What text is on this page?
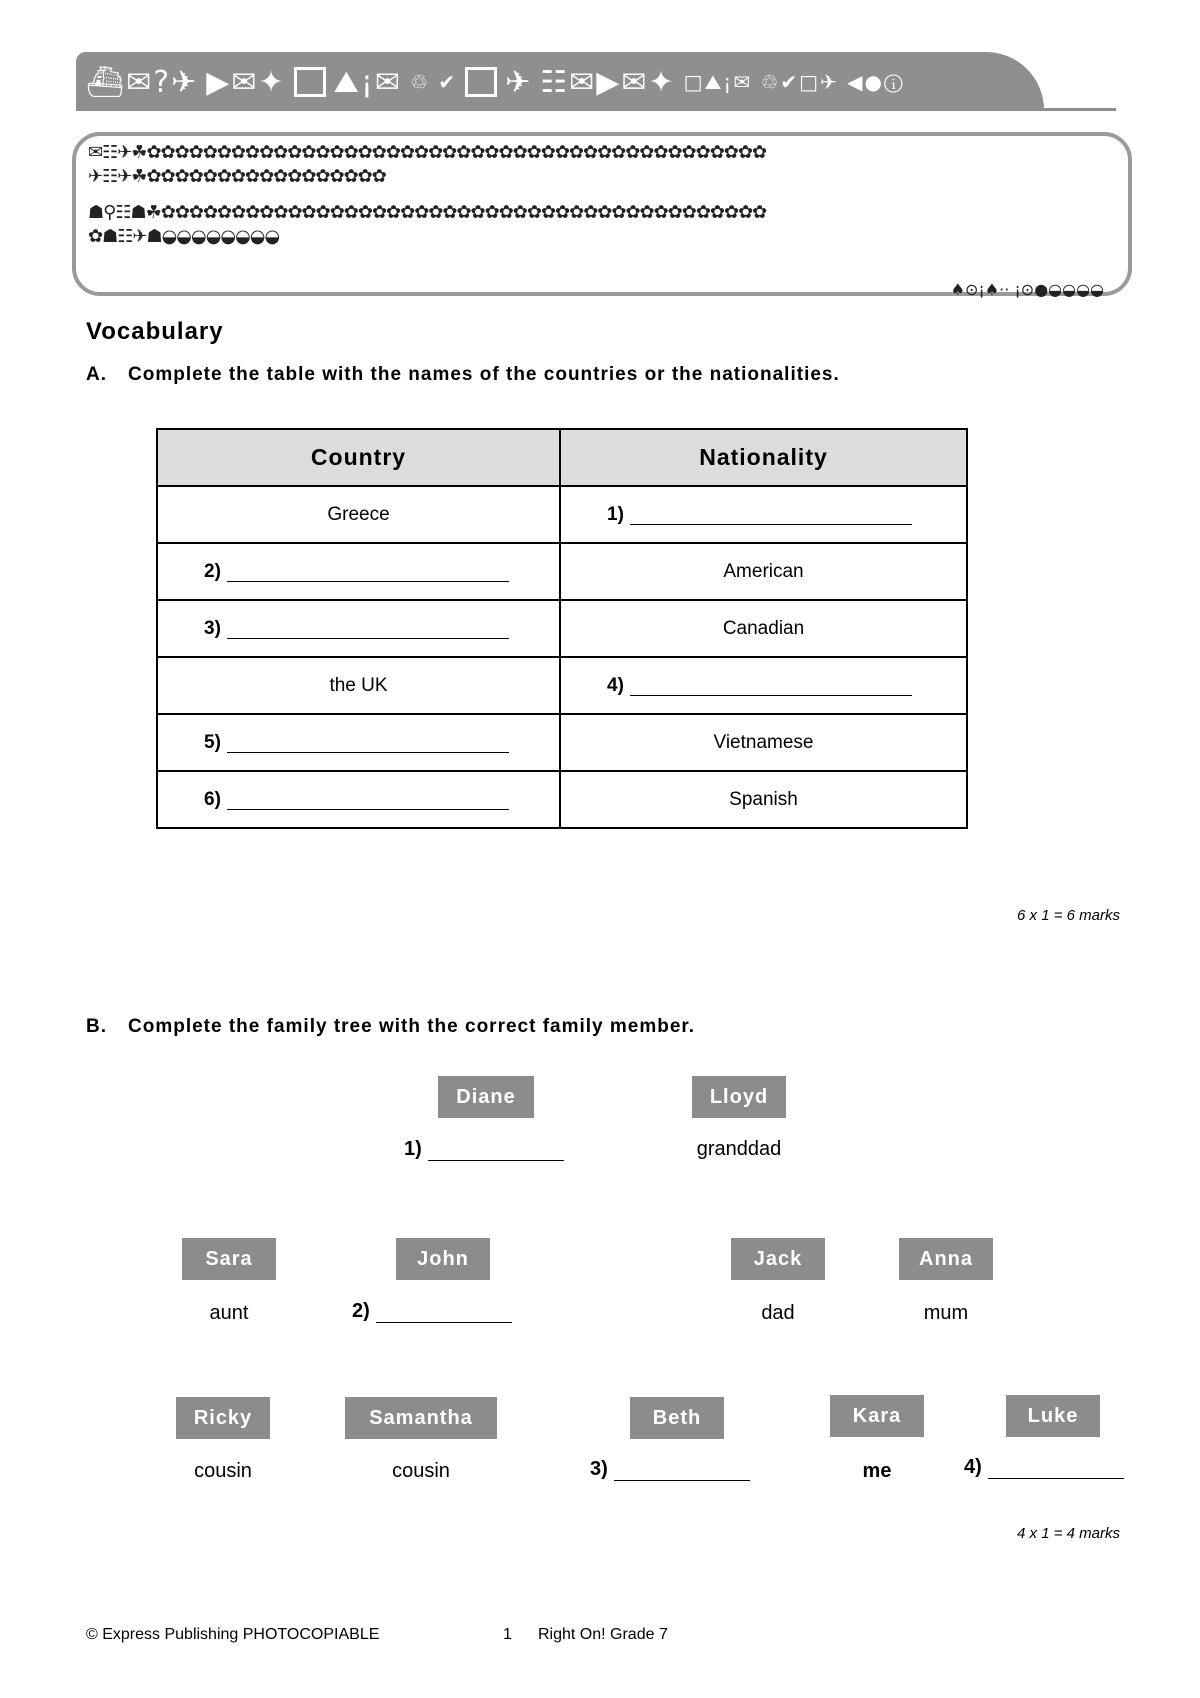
⛴✉?✈ ▶✉✦ ⛰¡✉ ♲ ✔ ✈ ☷✉▶✉✦ □⛰¡✉ ♲✔□✈ ◀●ⓘ
✉☷✈☘✿✿✿✿✿✿✿✿✿✿✿✿✿✿✿✿✿✿✿✿✿✿✿✿✿✿✿✿✿✿✿✿✿✿✿✿✿✿✿✿✿✿✿✿
✈☷✈☘✿✿✿✿✿✿✿✿✿✿✿✿✿✿✿✿✿
☗⚲☷☗☘✿✿✿✿✿✿✿✿✿✿✿✿✿✿✿✿✿✿✿✿✿✿✿✿✿✿✿✿✿✿✿✿✿✿✿✿✿✿✿✿✿✿✿
✿☗☷✈☗◒◒◒◒◒◒◒◒
♠⊙¡♠·· ¡⊙●◒◒◒◒
Vocabulary
A. Complete the table with the names of the countries or the nationalities.
Country	Nationality
Greece	1)

2)	American

3)	Canadian
the UK	4)

5)	Vietnamese

6)	Spanish
6 x 1 = 6 marks
B. Complete the family tree with the correct family member.
Diane	Lloyd
1)	granddad
Sara	John	Jack	Anna
aunt	2)	dad	mum
Ricky	Samantha	Beth	Kara	Luke
cousin	cousin	3)	me	4)
4 x 1 = 4 marks
© Express Publishing PHOTOCOPIABLE	1 Right On! Grade 7
